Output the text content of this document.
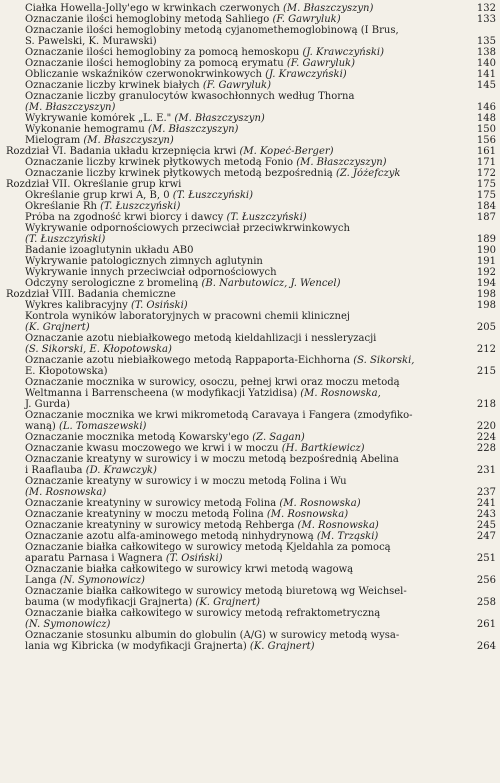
Ciałka Howella-Jolly'ego w krwinkach czerwonych (M. Błaszczyszyn)	132
Oznaczanie ilości hemoglobiny metodą Sahliego (F. Gawryluk)	133
Oznaczanie ilości hemoglobiny metodą cyjanomethemoglobinową (I Brus,
S. Pawelski, K. Murawski)	135
Oznaczanie ilości hemoglobiny za pomocą hemoskopu (J. Krawczyński)	138
Oznaczanie ilości hemoglobiny za pomocą erymatu (F. Gawryluk)	140
Obliczanie wskaźników czerwonokrwinkowych (J. Krawczyński)	141
Oznaczanie liczby krwinek białych (F. Gawryluk)	145
Oznaczanie liczby granulocytów kwasochłonnych według Thorna
(M. Błaszczyszyn)	146
Wykrywanie komórek „L. E." (M. Błaszczyszyn)	148
Wykonanie hemogramu (M. Błaszczyszyn)	150
Mielogram (M. Błaszczyszyn)	156
Rozdział VI. Badania układu krzepnięcia krwi (M. Kopeć-Berger)	161
Oznaczanie liczby krwinek płytkowych metodą Fonio (M. Błaszczyszyn)	171
Oznaczanie liczby krwinek płytkowych metodą bezpośrednią (Z. Jóżefczyk	172
Rozdział VII. Określanie grup krwi	175
Określanie grup krwi A, B, 0 (T. Łuszczyński)	175
Określanie Rh (T. Łuszczyński)	184
Próba na zgodność krwi biorcy i dawcy (T. Łuszczyński)	187
Wykrywanie odpornościowych przeciwciał przeciwkrwinkowych
(T. Łuszczyński)	189
Badanie izoaglutynin układu AB0	190
Wykrywanie patologicznych zimnych aglutynin	191
Wykrywanie innych przeciwciał odpornościowych	192
Odczyny serologiczne z bromeliną (B. Narbutowicz, J. Wencel)	194
Rozdział VIII. Badania chemiczne	198
Wykres kalibracyjny (T. Osiński)	198
Kontrola wyników laboratoryjnych w pracowni chemii klinicznej
(K. Grajnert)	205
Oznaczanie azotu niebiałkowego metodą kieldahlizacji i nessleryzacji
(S. Sikorski, E. Kłopotowska)	212
Oznaczanie azotu niebiałkowego metodą Rappaporta-Eichhorna (S. Sikorski,
E. Kłopotowska)	215
Oznaczanie mocznika w surowicy, osoczu, pełnej krwi oraz moczu metodą
Weltmanna i Barrenscheena (w modyfikacji Yatzidisa) (M. Rosnowska,
J. Gurda)	218
Oznaczanie mocznika we krwi mikrometodą Caravaya i Fangera (zmodyfiko-
waną) (L. Tomaszewski)	220
Oznaczanie mocznika metodą Kowarsky'ego (Z. Sagan)	224
Oznaczanie kwasu moczowego we krwi i w moczu (H. Bartkiewicz)	228
Oznaczanie kreatyny w surowicy i w moczu metodą bezpośrednią Abelina
i Raaflauba (D. Krawczyk)	231
Oznaczanie kreatyny w surowicy i w moczu metodą Folina i Wu
(M. Rosnowska)	237
Oznaczanie kreatyniny w surowicy metodą Folina (M. Rosnowska)	241
Oznaczanie kreatyniny w moczu metodą Folina (M. Rosnowska)	243
Oznaczanie kreatyniny w surowicy metodą Rehberga (M. Rosnowska)	245
Oznaczanie azotu alfa-aminowego metodą ninhydrynową (M. Trząski)	247
Oznaczanie białka całkowitego w surowicy metodą Kjeldahla za pomocą
aparatu Parnasa i Wagnera (T. Osiński)	251
Oznaczanie białka całkowitego w surowicy krwi metodą wagową
Langa (N. Symonowicz)	256
Oznaczanie białka całkowitego w surowicy metodą biuretową wg Weichsel-
bauma (w modyfikacji Grajnerta) (K. Grajnert)	258
Oznaczanie białka całkowitego w surowicy metodą refraktometryczną
(N. Symonowicz)	261
Oznaczanie stosunku albumin do globulin (A/G) w surowicy metodą wysa-
lania wg Kibricka (w modyfikacji Grajnerta) (K. Grajnert)	264
